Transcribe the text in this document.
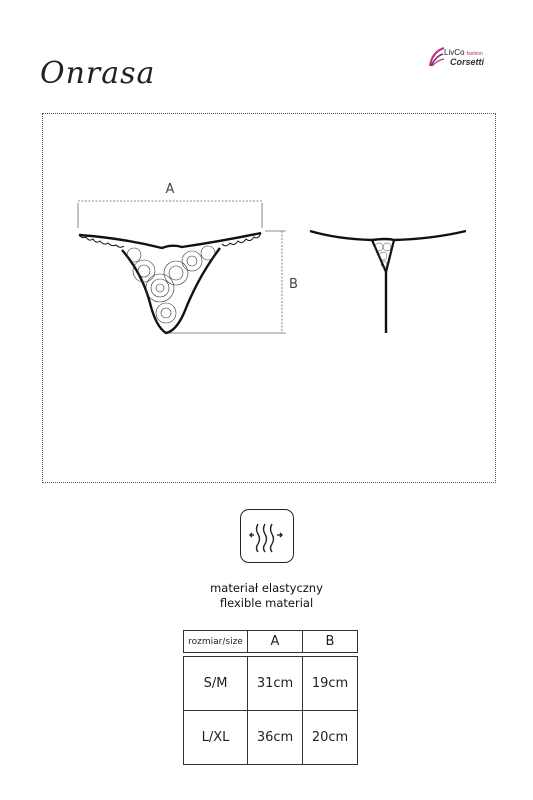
Onrasa
LivCo fashion
Corsetti
A
B
materiał elastyczny
flexible material
rozmiar/size	A	B

S/M	31cm	19cm
L/XL	36cm	20cm
